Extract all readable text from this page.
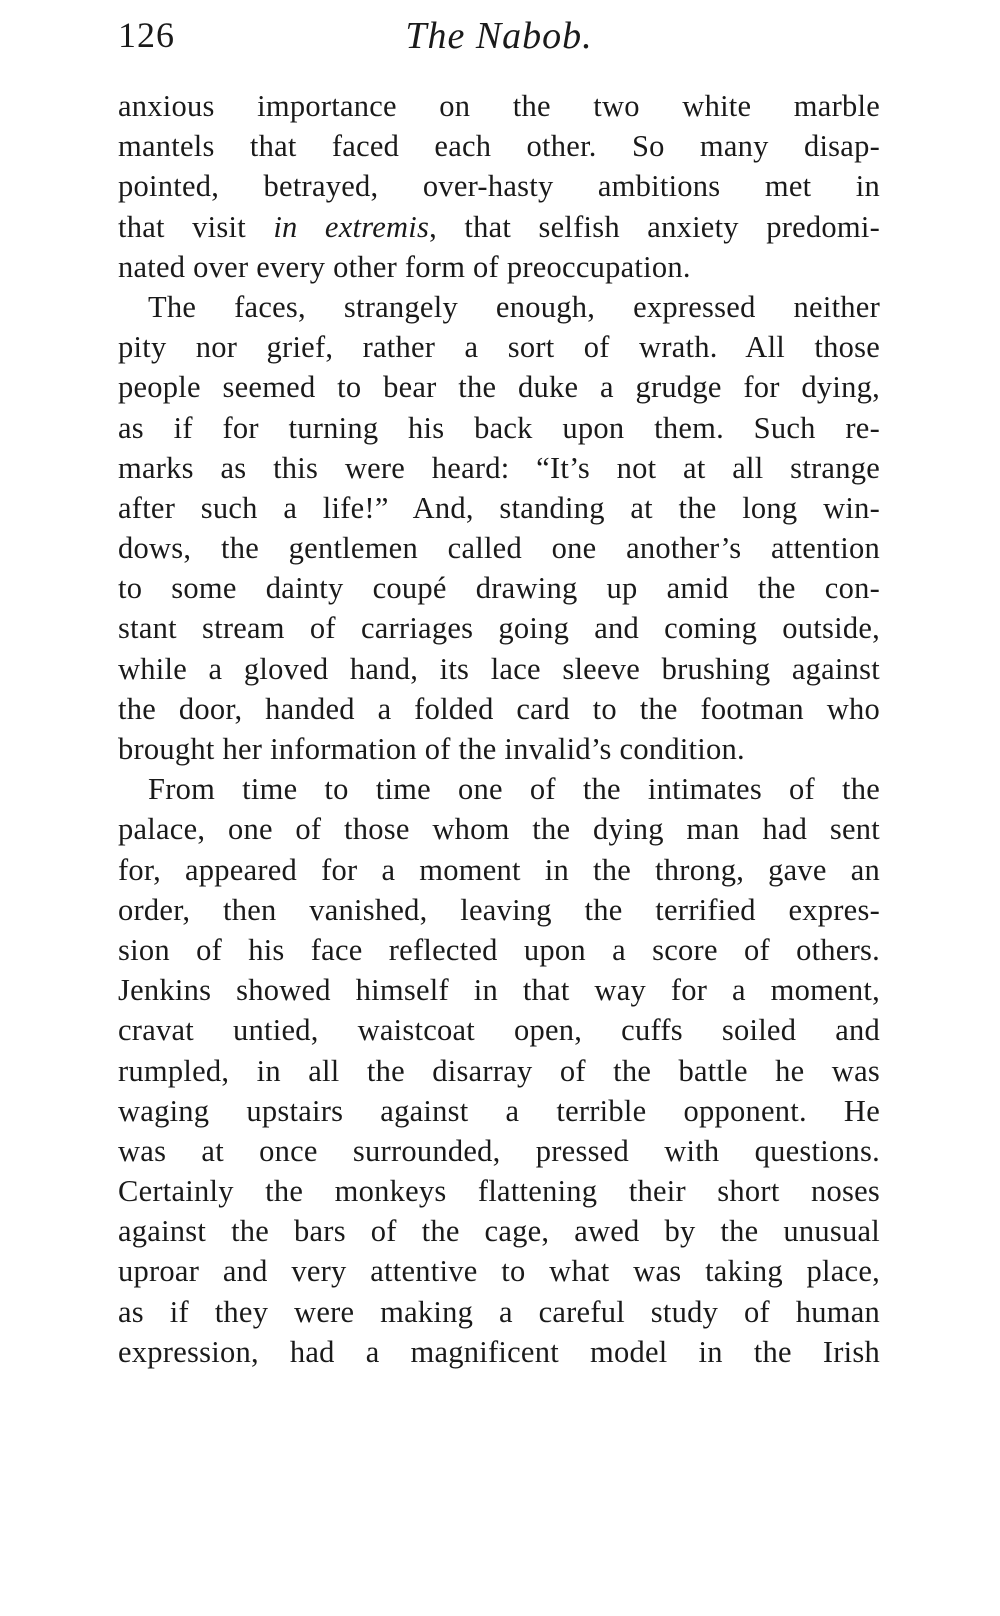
126	The Nabob.
anxious importance on the two white marble
mantels that faced each other. So many disap-
pointed, betrayed, over-hasty ambitions met in
that visit in extremis, that selfish anxiety predomi-
nated over every other form of preoccupation.
The faces, strangely enough, expressed neither
pity nor grief, rather a sort of wrath. All those
people seemed to bear the duke a grudge for dying,
as if for turning his back upon them. Such re-
marks as this were heard: “It’s not at all strange
after such a life!” And, standing at the long win-
dows, the gentlemen called one another’s attention
to some dainty coupé drawing up amid the con-
stant stream of carriages going and coming outside,
while a gloved hand, its lace sleeve brushing against
the door, handed a folded card to the footman who
brought her information of the invalid’s condition.
From time to time one of the intimates of the
palace, one of those whom the dying man had sent
for, appeared for a moment in the throng, gave an
order, then vanished, leaving the terrified expres-
sion of his face reflected upon a score of others.
Jenkins showed himself in that way for a moment,
cravat untied, waistcoat open, cuffs soiled and
rumpled, in all the disarray of the battle he was
waging upstairs against a terrible opponent. He
was at once surrounded, pressed with questions.
Certainly the monkeys flattening their short noses
against the bars of the cage, awed by the unusual
uproar and very attentive to what was taking place,
as if they were making a careful study of human
expression, had a magnificent model in the Irish
